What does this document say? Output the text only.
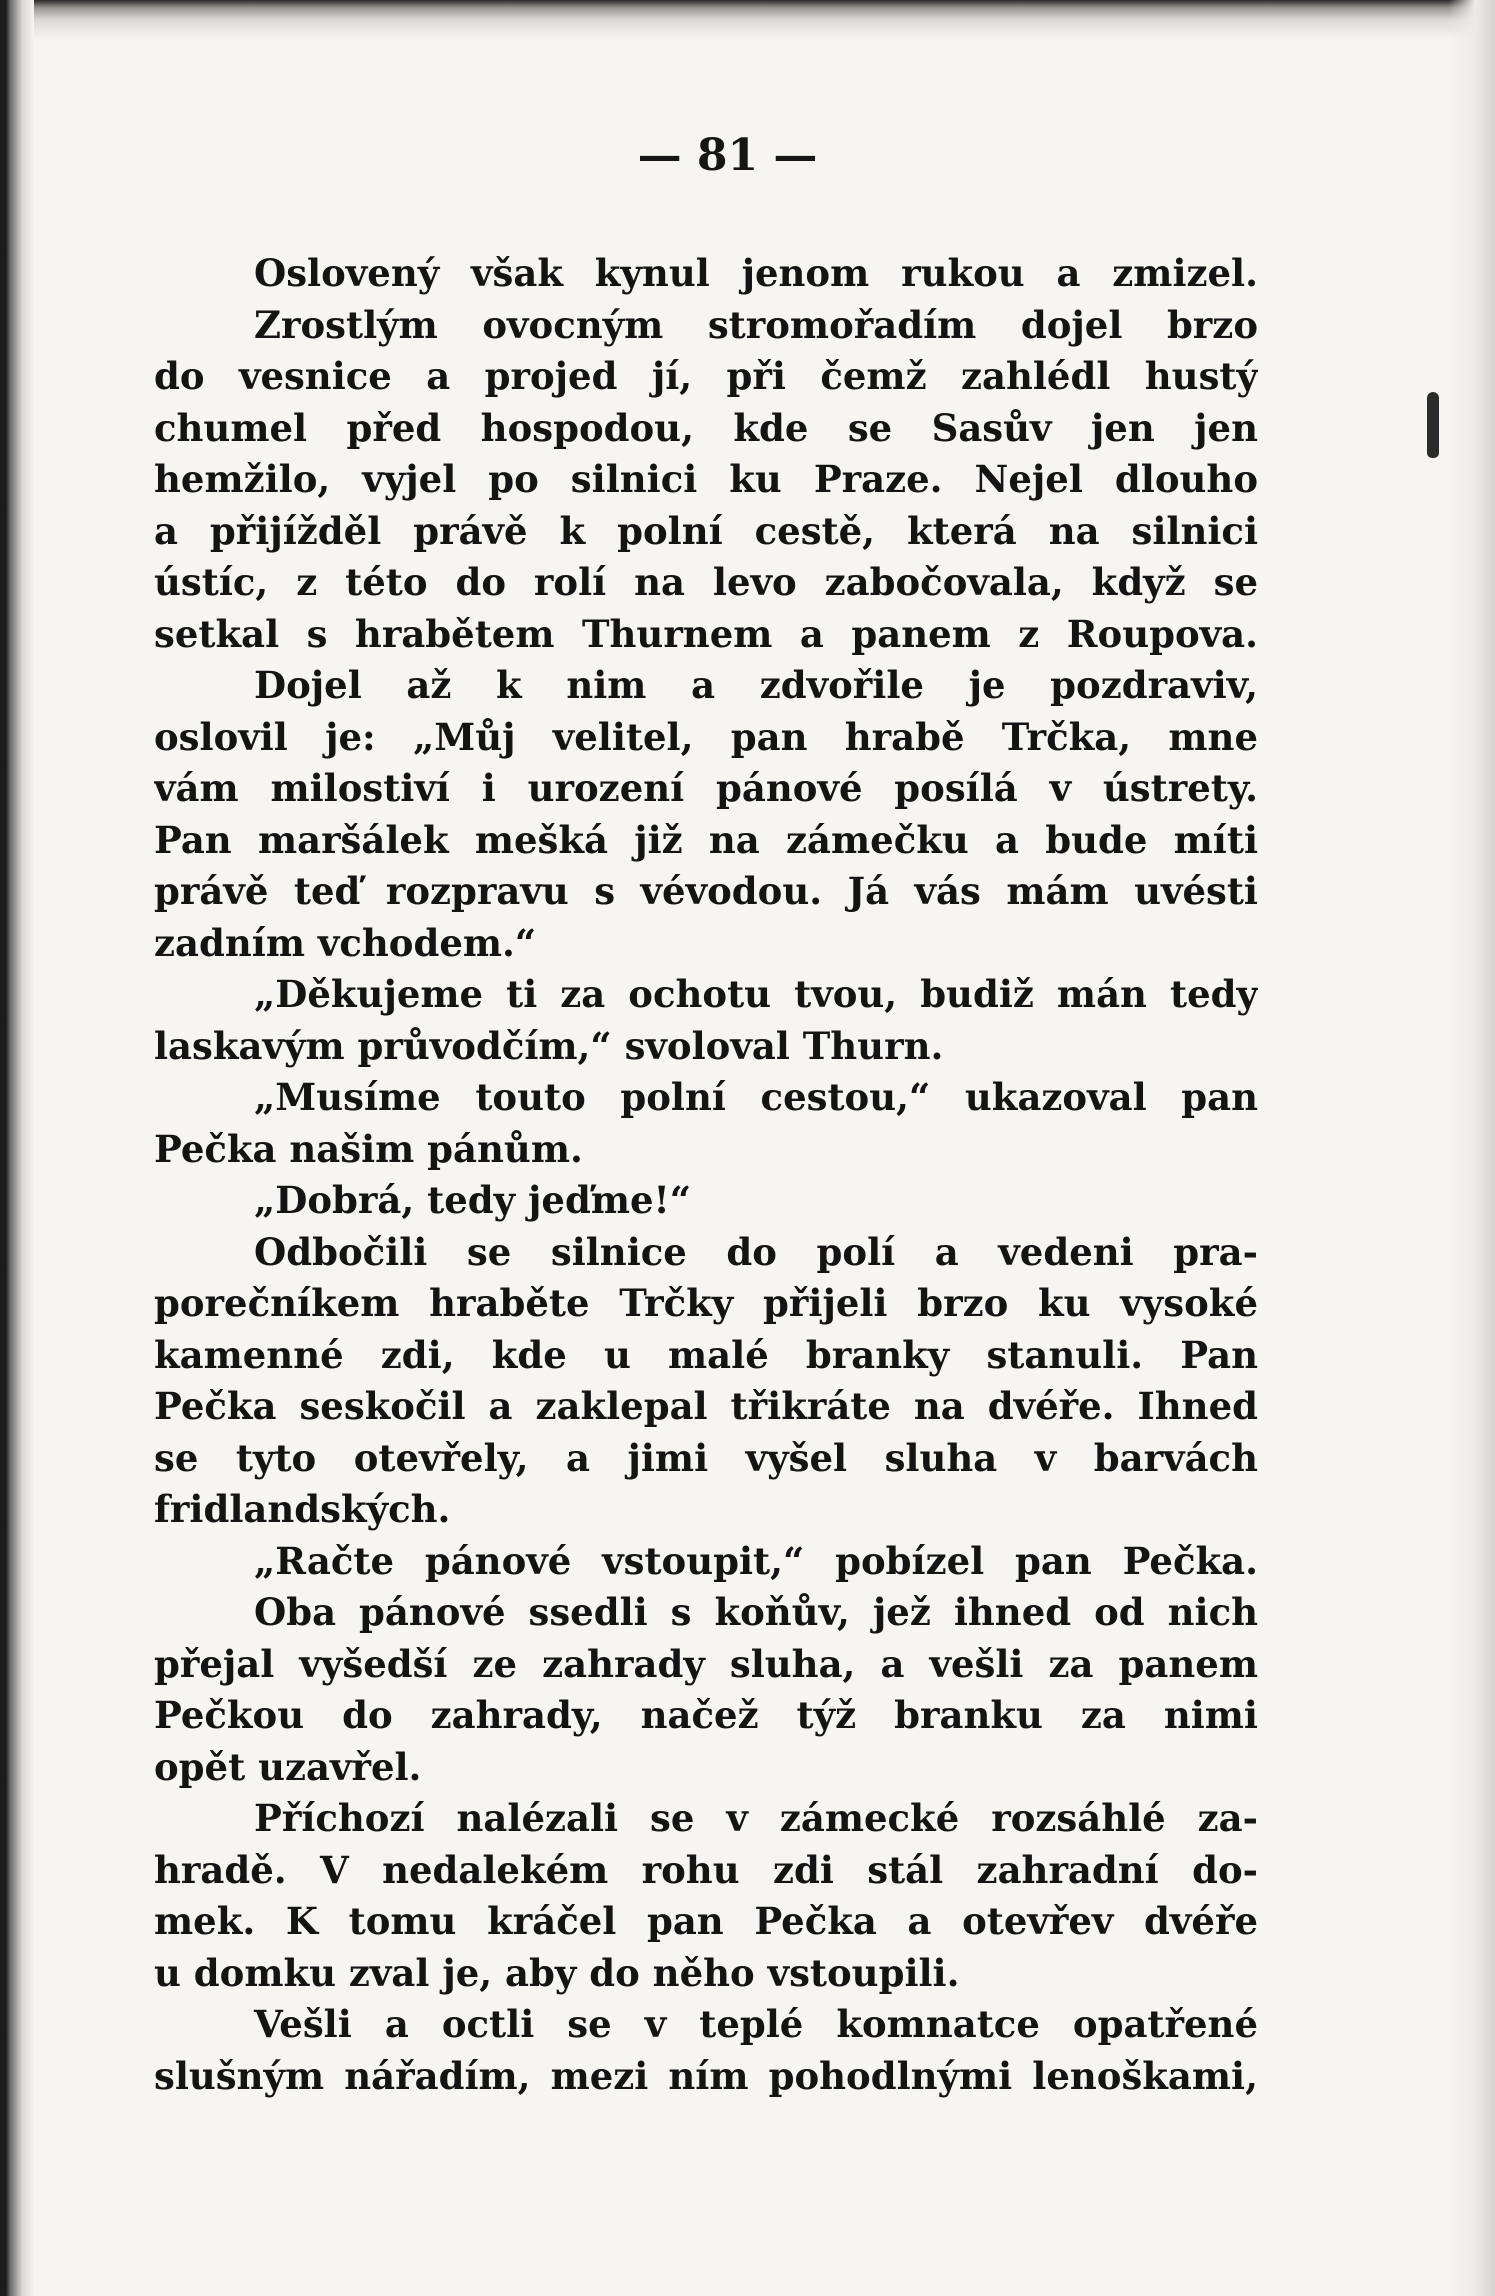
— 81 —
Oslovený však kynul jenom rukou a zmizel.
Zrostlým ovocným stromořadím dojel brzo
do vesnice a projed jí, při čemž zahlédl hustý
chumel před hospodou, kde se Sasův jen jen
hemžilo, vyjel po silnici ku Praze. Nejel dlouho
a přijížděl právě k polní cestě, která na silnici
ústíc, z této do rolí na levo zabočovala, když se
setkal s hrabětem Thurnem a panem z Roupova.
Dojel až k nim a zdvořile je pozdraviv,
oslovil je: „Můj velitel, pan hrabě Trčka, mne
vám milostiví i urození pánové posílá v ústrety.
Pan maršálek mešká již na zámečku a bude míti
právě teď rozpravu s vévodou. Já vás mám uvésti
zadním vchodem.“
„Děkujeme ti za ochotu tvou, budiž mán tedy
laskavým průvodčím,“ svoloval Thurn.
„Musíme touto polní cestou,“ ukazoval pan
Pečka našim pánům.
„Dobrá, tedy jeďme!“
Odbočili se silnice do polí a vedeni pra-
porečníkem hraběte Trčky přijeli brzo ku vysoké
kamenné zdi, kde u malé branky stanuli. Pan
Pečka seskočil a zaklepal třikráte na dvéře. Ihned
se tyto otevřely, a jimi vyšel sluha v barvách
fridlandských.
„Račte pánové vstoupit,“ pobízel pan Pečka.
Oba pánové ssedli s koňův, jež ihned od nich
přejal vyšedší ze zahrady sluha, a vešli za panem
Pečkou do zahrady, načež týž branku za nimi
opět uzavřel.
Příchozí nalézali se v zámecké rozsáhlé za-
hradě. V nedalekém rohu zdi stál zahradní do-
mek. K tomu kráčel pan Pečka a otevřev dvéře
u domku zval je, aby do něho vstoupili.
Vešli a octli se v teplé komnatce opatřené
slušným nářadím, mezi ním pohodlnými lenoškami,
